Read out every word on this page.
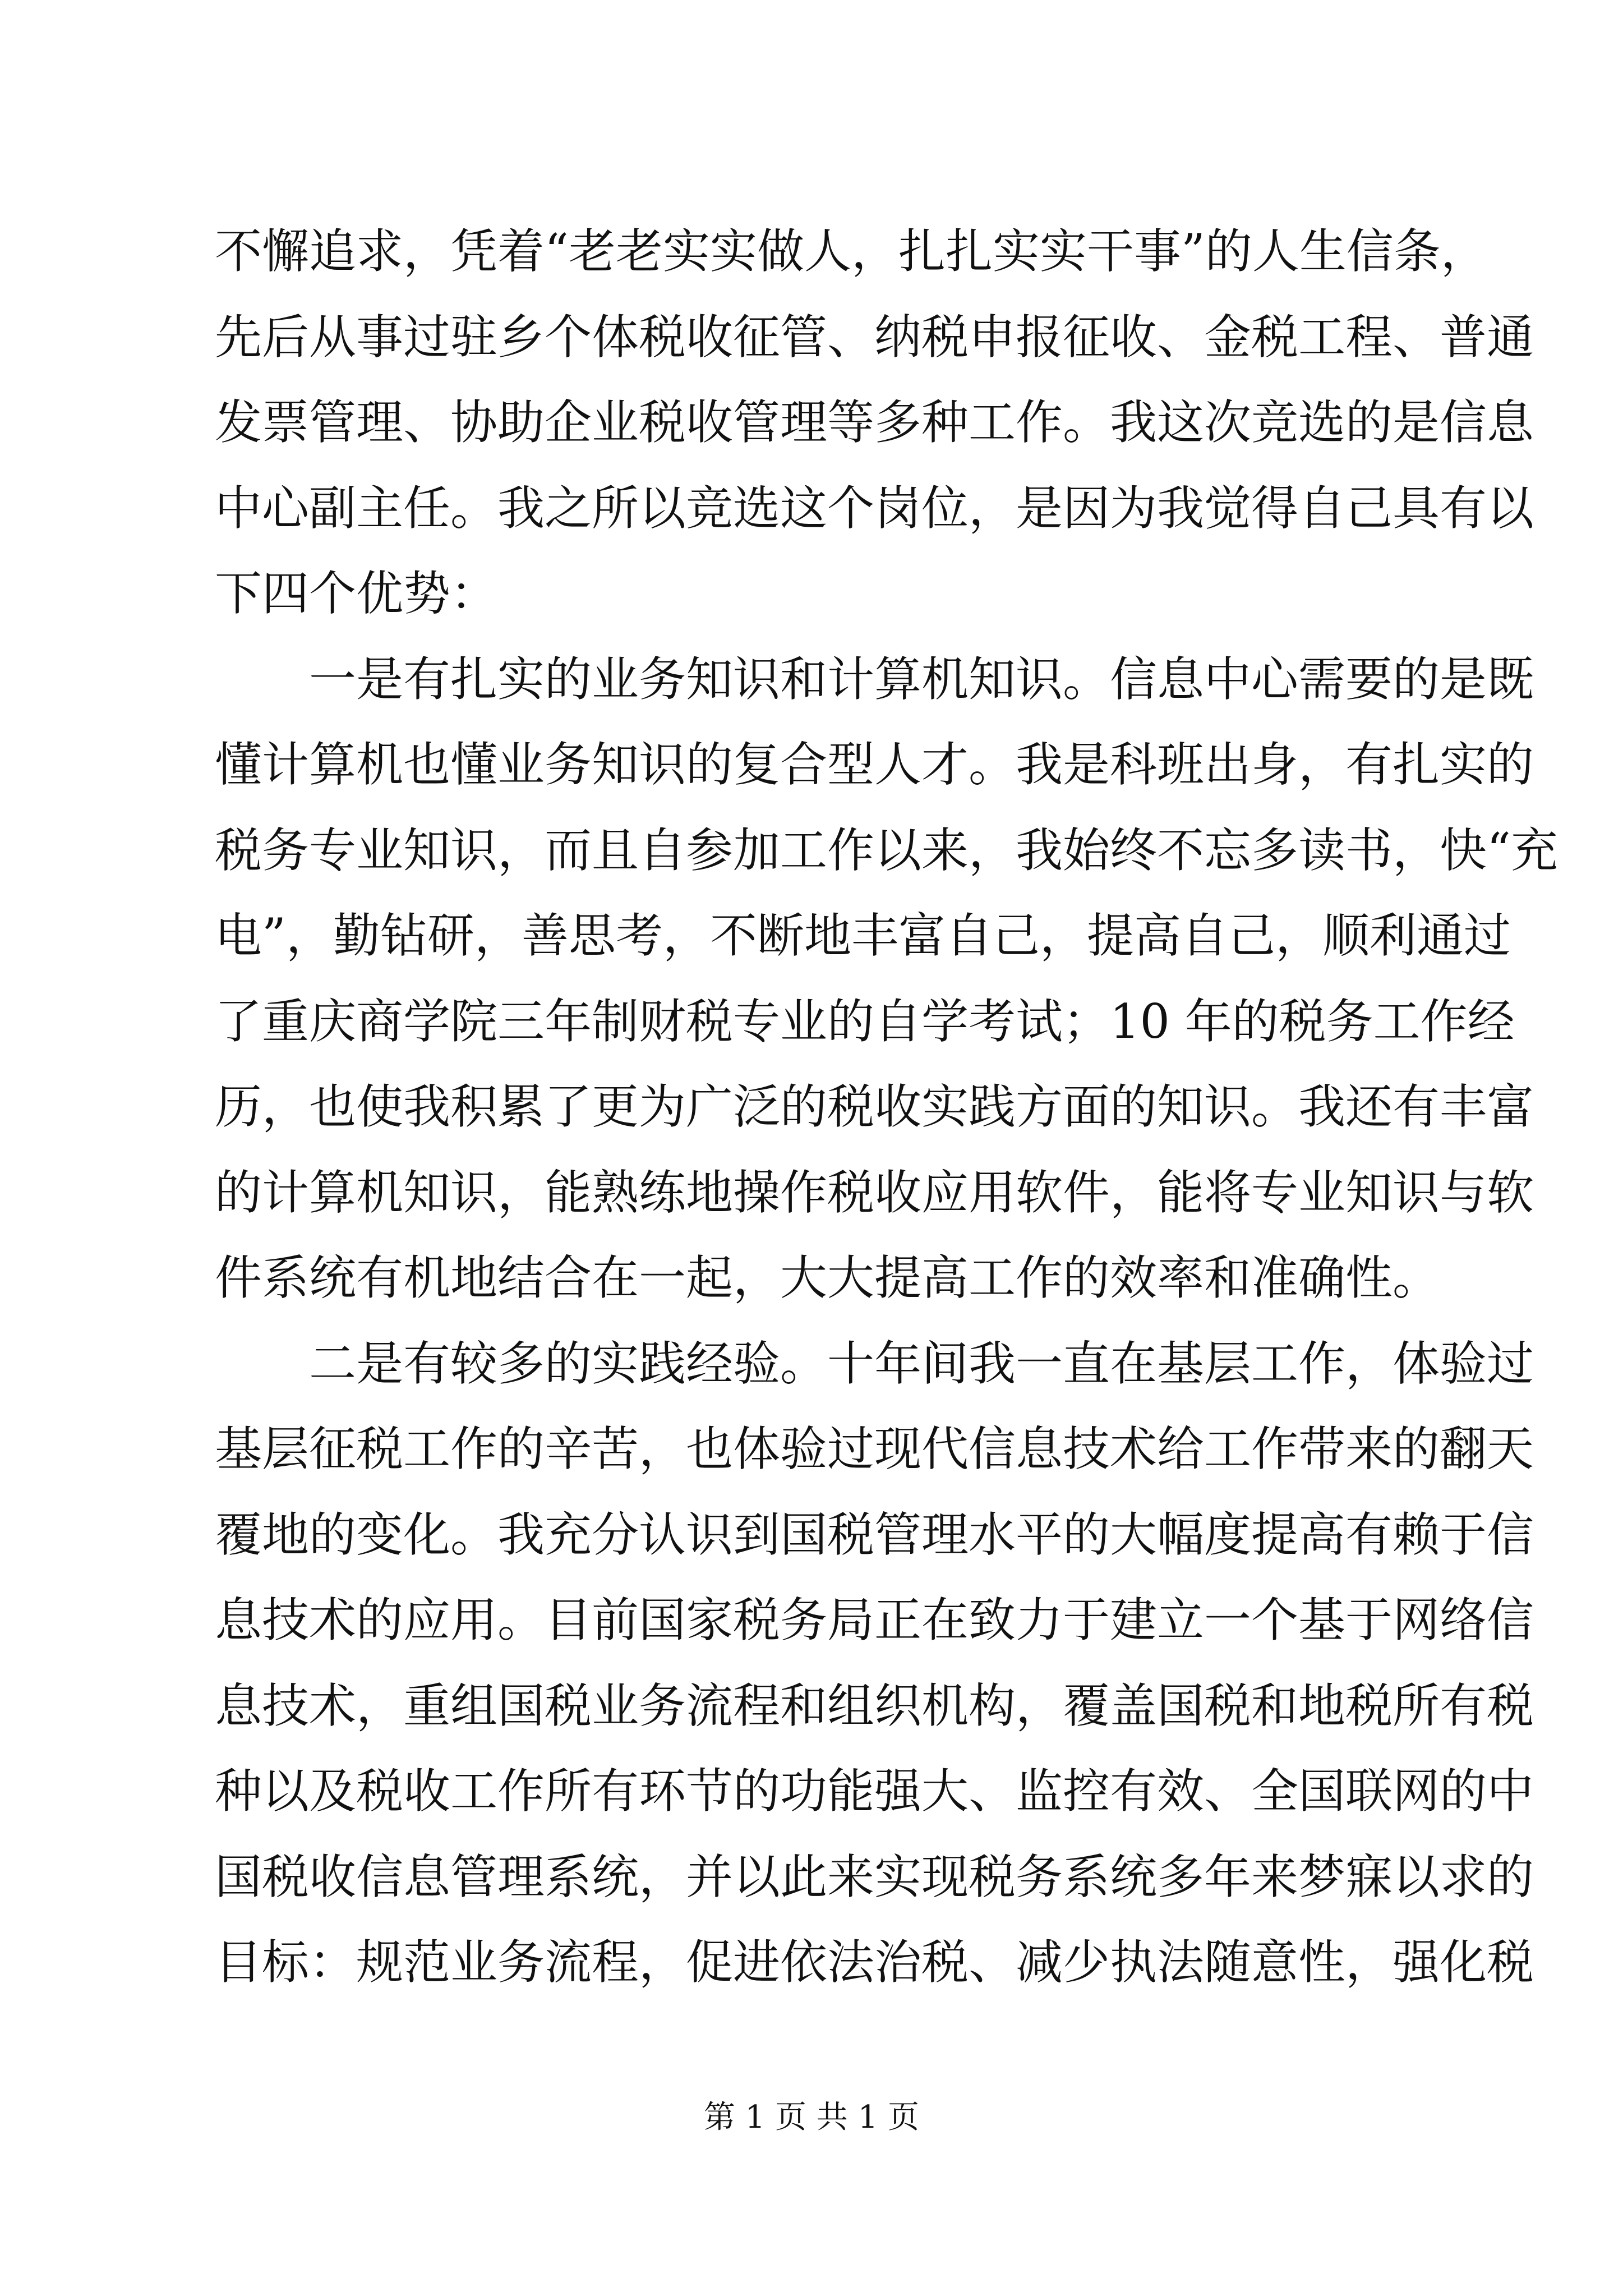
不懈追求，凭着“老老实实做人，扎扎实实干事”的人生信条，
先后从事过驻乡个体税收征管、纳税申报征收、金税工程、普通
发票管理、协助企业税收管理等多种工作。我这次竞选的是信息
中心副主任。我之所以竞选这个岗位，是因为我觉得自己具有以
下四个优势：
　　一是有扎实的业务知识和计算机知识。信息中心需要的是既
懂计算机也懂业务知识的复合型人才。我是科班出身，有扎实的
税务专业知识，而且自参加工作以来，我始终不忘多读书，快“充
电”，勤钻研，善思考，不断地丰富自己，提高自己，顺利通过
了重庆商学院三年制财税专业的自学考试；10 年的税务工作经
历，也使我积累了更为广泛的税收实践方面的知识。我还有丰富
的计算机知识，能熟练地操作税收应用软件，能将专业知识与软
件系统有机地结合在一起，大大提高工作的效率和准确性。
　　二是有较多的实践经验。十年间我一直在基层工作，体验过
基层征税工作的辛苦，也体验过现代信息技术给工作带来的翻天
覆地的变化。我充分认识到国税管理水平的大幅度提高有赖于信
息技术的应用。目前国家税务局正在致力于建立一个基于网络信
息技术，重组国税业务流程和组织机构，覆盖国税和地税所有税
种以及税收工作所有环节的功能强大、监控有效、全国联网的中
国税收信息管理系统，并以此来实现税务系统多年来梦寐以求的
目标：规范业务流程，促进依法治税、减少执法随意性，强化税
第 1 页 共 1 页
